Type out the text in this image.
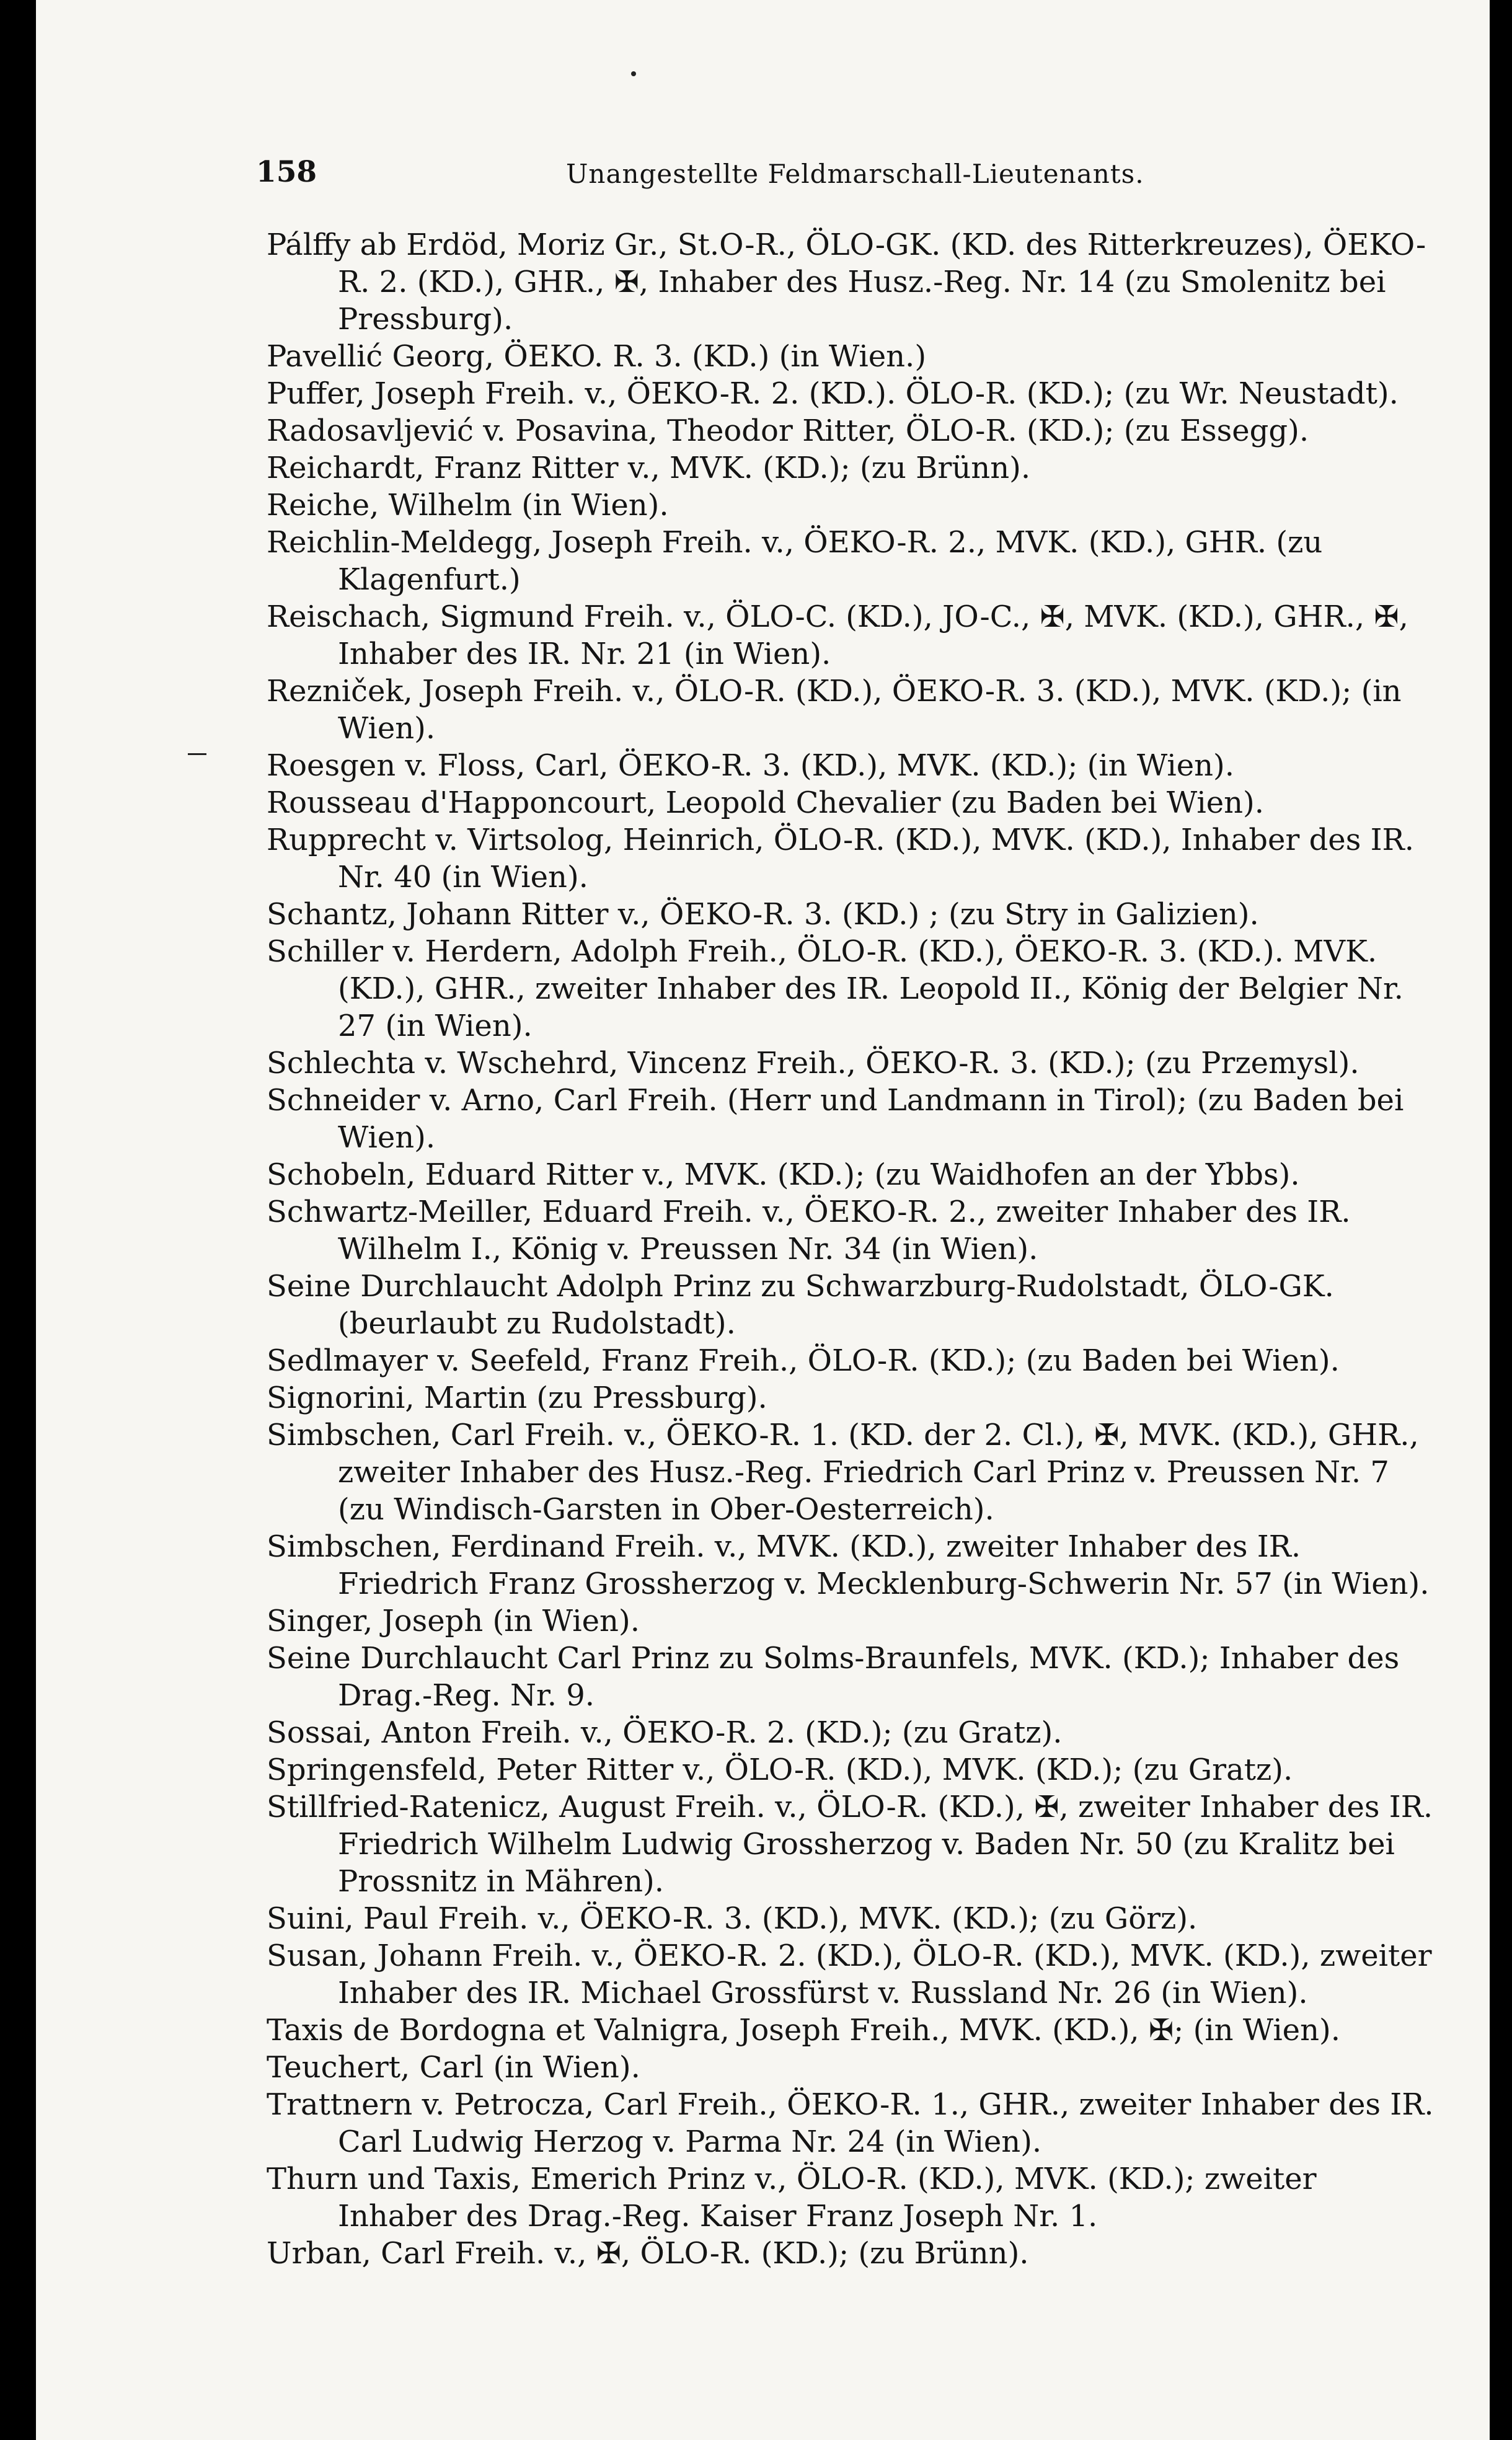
158	Unangestellte Feldmarschall-Lieutenants.
Pálffy ab Erdöd, Moriz Gr., St.O-R., ÖLO-GK. (KD. des Ritterkreuzes), ÖEKO-R. 2. (KD.), GHR., ✠, Inhaber des Husz.-Reg. Nr. 14 (zu Smolenitz bei Pressburg).
Pavellić Georg, ÖEKO. R. 3. (KD.) (in Wien.)
Puffer, Joseph Freih. v., ÖEKO-R. 2. (KD.). ÖLO-R. (KD.); (zu Wr. Neustadt).
Radosavljević v. Posavina, Theodor Ritter, ÖLO-R. (KD.); (zu Essegg).
Reichardt, Franz Ritter v., MVK. (KD.); (zu Brünn).
Reiche, Wilhelm (in Wien).
Reichlin-Meldegg, Joseph Freih. v., ÖEKO-R. 2., MVK. (KD.), GHR. (zu Klagenfurt.)
Reischach, Sigmund Freih. v., ÖLO-C. (KD.), JO-C., ✠, MVK. (KD.), GHR., ✠, Inhaber des IR. Nr. 21 (in Wien).
Rezniček, Joseph Freih. v., ÖLO-R. (KD.), ÖEKO-R. 3. (KD.), MVK. (KD.); (in Wien).
Roesgen v. Floss, Carl, ÖEKO-R. 3. (KD.), MVK. (KD.); (in Wien).
Rousseau d'Happoncourt, Leopold Chevalier (zu Baden bei Wien).
Rupprecht v. Virtsolog, Heinrich, ÖLO-R. (KD.), MVK. (KD.), Inhaber des IR. Nr. 40 (in Wien).
Schantz, Johann Ritter v., ÖEKO-R. 3. (KD.) ; (zu Stry in Galizien).
Schiller v. Herdern, Adolph Freih., ÖLO-R. (KD.), ÖEKO-R. 3. (KD.). MVK. (KD.), GHR., zweiter Inhaber des IR. Leopold II., König der Belgier Nr. 27 (in Wien).
Schlechta v. Wschehrd, Vincenz Freih., ÖEKO-R. 3. (KD.); (zu Przemysl).
Schneider v. Arno, Carl Freih. (Herr und Landmann in Tirol); (zu Baden bei Wien).
Schobeln, Eduard Ritter v., MVK. (KD.); (zu Waidhofen an der Ybbs).
Schwartz-Meiller, Eduard Freih. v., ÖEKO-R. 2., zweiter Inhaber des IR. Wilhelm I., König v. Preussen Nr. 34 (in Wien).
Seine Durchlaucht Adolph Prinz zu Schwarzburg-Rudolstadt, ÖLO-GK. (beurlaubt zu Rudolstadt).
Sedlmayer v. Seefeld, Franz Freih., ÖLO-R. (KD.); (zu Baden bei Wien).
Signorini, Martin (zu Pressburg).
Simbschen, Carl Freih. v., ÖEKO-R. 1. (KD. der 2. Cl.), ✠, MVK. (KD.), GHR., zweiter Inhaber des Husz.-Reg. Friedrich Carl Prinz v. Preussen Nr. 7 (zu Windisch-Garsten in Ober-Oesterreich).
Simbschen, Ferdinand Freih. v., MVK. (KD.), zweiter Inhaber des IR. Friedrich Franz Grossherzog v. Mecklenburg-Schwerin Nr. 57 (in Wien).
Singer, Joseph (in Wien).
Seine Durchlaucht Carl Prinz zu Solms-Braunfels, MVK. (KD.); Inhaber des Drag.-Reg. Nr. 9.
Sossai, Anton Freih. v., ÖEKO-R. 2. (KD.); (zu Gratz).
Springensfeld, Peter Ritter v., ÖLO-R. (KD.), MVK. (KD.); (zu Gratz).
Stillfried-Ratenicz, August Freih. v., ÖLO-R. (KD.), ✠, zweiter Inhaber des IR. Friedrich Wilhelm Ludwig Grossherzog v. Baden Nr. 50 (zu Kralitz bei Prossnitz in Mähren).
Suini, Paul Freih. v., ÖEKO-R. 3. (KD.), MVK. (KD.); (zu Görz).
Susan, Johann Freih. v., ÖEKO-R. 2. (KD.), ÖLO-R. (KD.), MVK. (KD.), zweiter Inhaber des IR. Michael Grossfürst v. Russland Nr. 26 (in Wien).
Taxis de Bordogna et Valnigra, Joseph Freih., MVK. (KD.), ✠; (in Wien).
Teuchert, Carl (in Wien).
Trattnern v. Petrocza, Carl Freih., ÖEKO-R. 1., GHR., zweiter Inhaber des IR. Carl Ludwig Herzog v. Parma Nr. 24 (in Wien).
Thurn und Taxis, Emerich Prinz v., ÖLO-R. (KD.), MVK. (KD.); zweiter Inhaber des Drag.-Reg. Kaiser Franz Joseph Nr. 1.
Urban, Carl Freih. v., ✠, ÖLO-R. (KD.); (zu Brünn).
